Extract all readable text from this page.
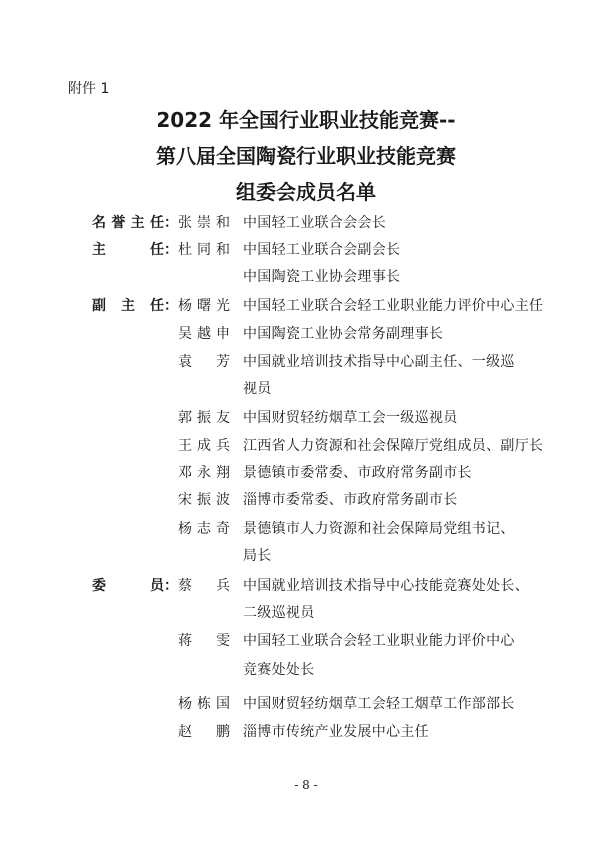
附件 1
2022 年全国行业职业技能竞赛--
第八届全国陶瓷行业职业技能竞赛
组委会成员名单
名誉主任 ： 张崇和 中国轻工业联合会会长
主任 ： 杜同和 中国轻工业联合会副会长
中国陶瓷工业协会理事长
副主任 ： 杨曙光 中国轻工业联合会轻工业职业能力评价中心主任
吴越申 中国陶瓷工业协会常务副理事长
袁芳 中国就业培训技术指导中心副主任、一级巡
视员
郭振友 中国财贸轻纺烟草工会一级巡视员
王成兵 江西省人力资源和社会保障厅党组成员、副厅长
邓永翔 景德镇市委常委、市政府常务副市长
宋振波 淄博市委常委、市政府常务副市长
杨志奇 景德镇市人力资源和社会保障局党组书记、
局长
委员 ： 蔡兵 中国就业培训技术指导中心技能竞赛处处长、
二级巡视员
蒋雯 中国轻工业联合会轻工业职业能力评价中心
竞赛处处长
杨栋国 中国财贸轻纺烟草工会轻工烟草工作部部长
赵鹏 淄博市传统产业发展中心主任
- 8 -
